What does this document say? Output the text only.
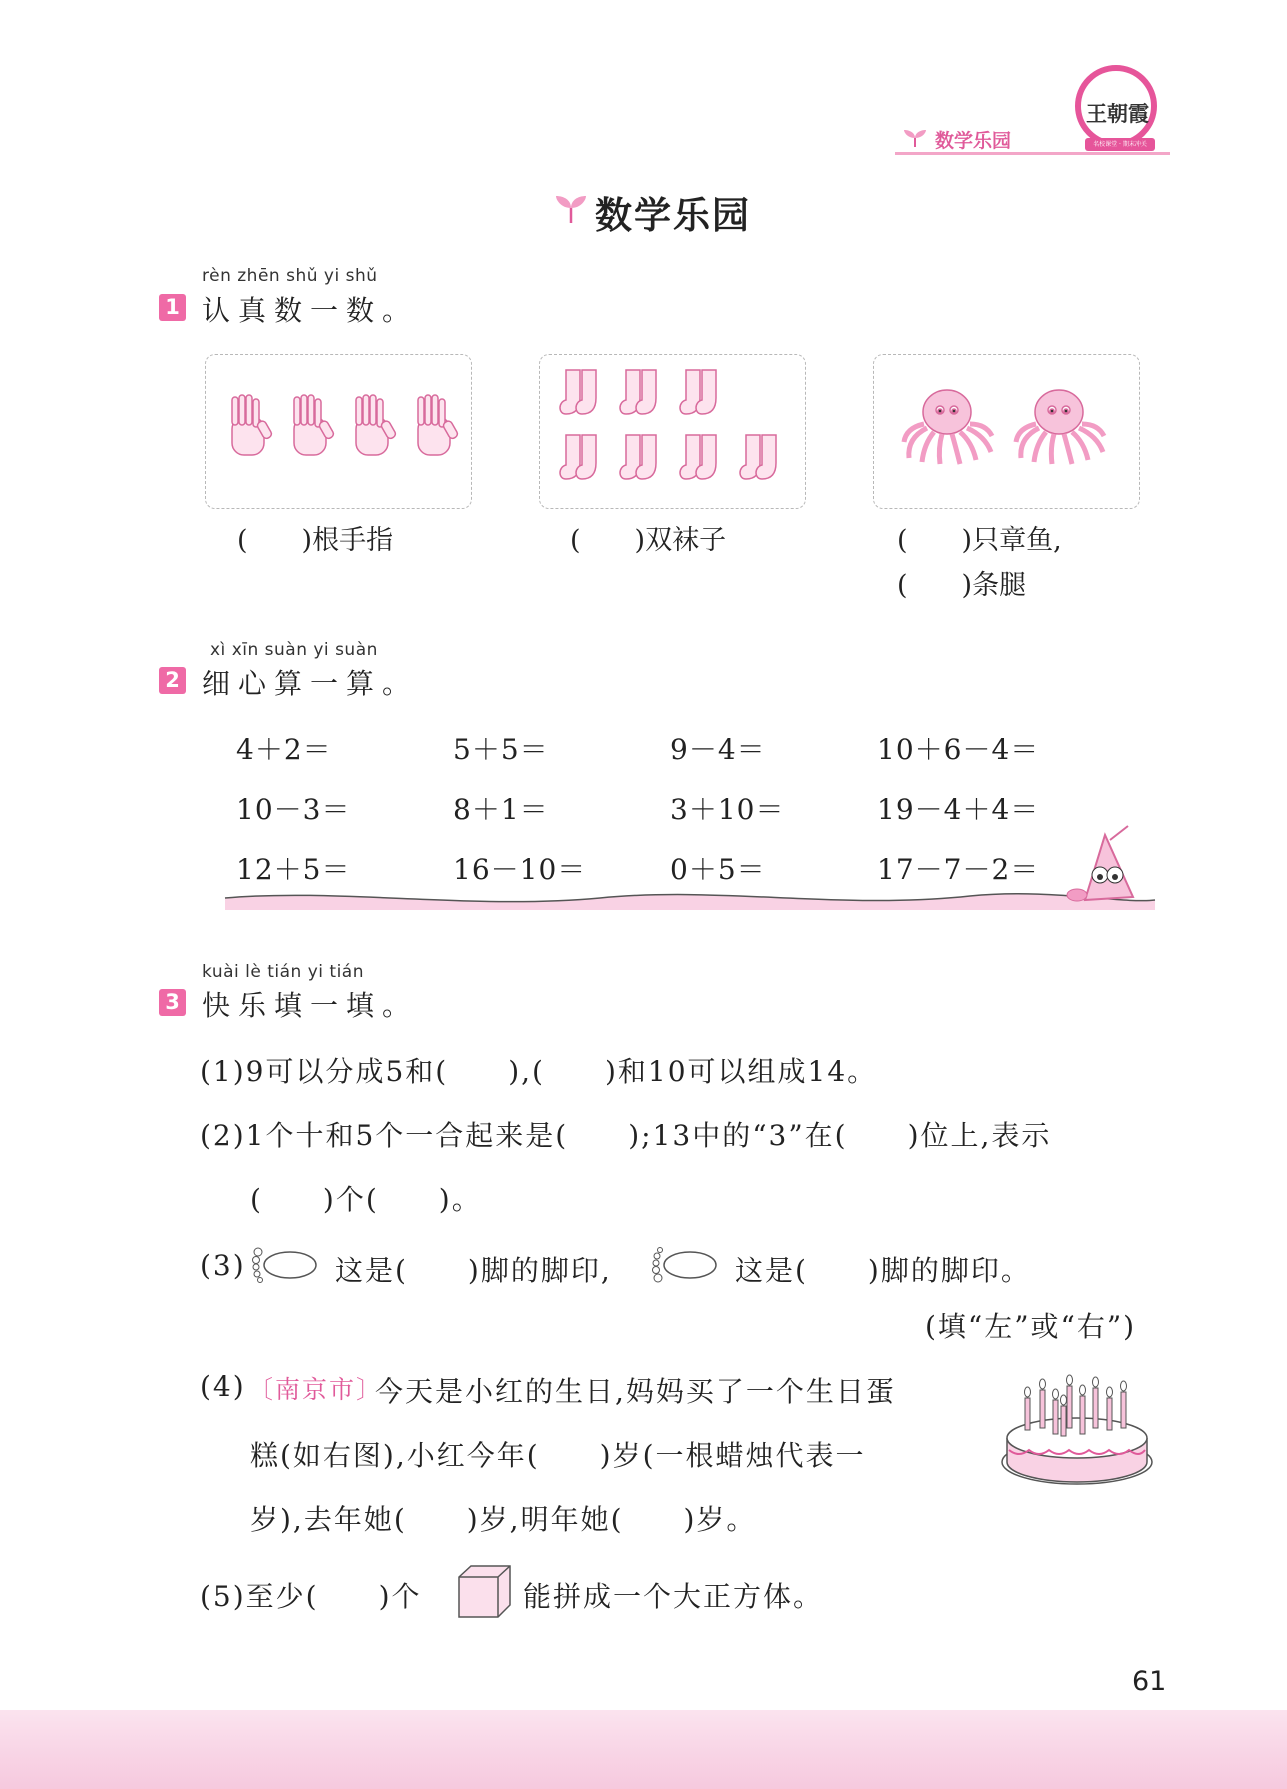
数学乐园
王朝霞
名校课堂 · 期末冲关
数学乐园
rèn zhēn shǔ yi shǔ
1 认真数一数。
(　　)根手指	(　　)双袜子	(　　)只章鱼,
(　　)条腿
xì xīn suàn yi suàn
2 细心算一算。
4＋2＝	5＋5＝	9－4＝	10＋6－4＝
10－3＝	8＋1＝	3＋10＝	19－4＋4＝
12＋5＝	16－10＝	0＋5＝	17－7－2＝
kuài lè tián yi tián
3 快乐填一填。
(1)9可以分成5和(　　),(　　)和10可以组成14。
(2)1个十和5个一合起来是(　　);13中的“3”在(　　)位上,表示
(　　)个(　　)。
(3)	这是(　　)脚的脚印,	这是(　　)脚的脚印。
(填“左”或“右”)
(4) 〔南京市〕
今天是小红的生日,妈妈买了一个生日蛋
糕(如右图),小红今年(　　)岁(一根蜡烛代表一
岁),去年她(　　)岁,明年她(　　)岁。
(5)至少(　　)个	能拼成一个大正方体。
61
